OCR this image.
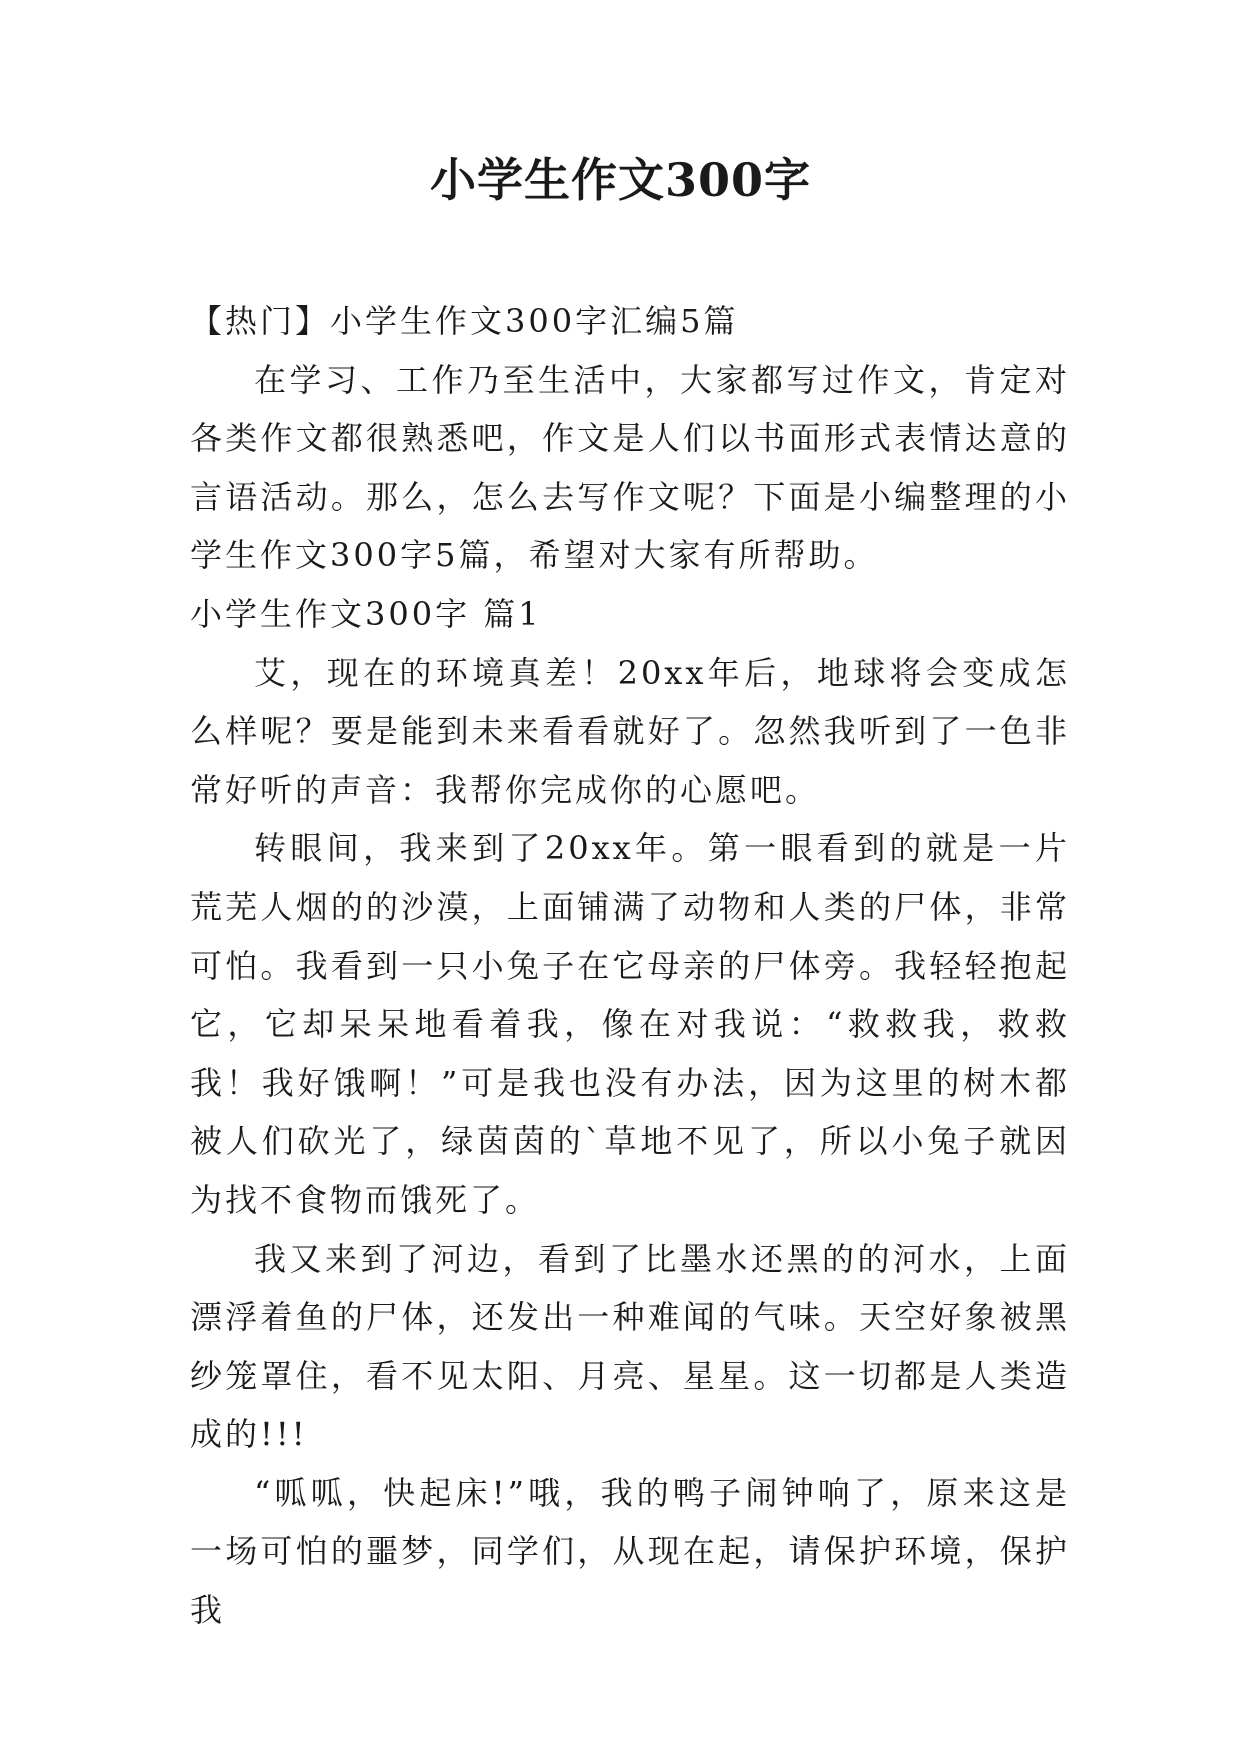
小学生作文300字

【热门】小学生作文300字汇编5篇

在学习、工作乃至生活中，大家都写过作文，肯定对各类作文都很熟悉吧，作文是人们以书面形式表情达意的言语活动。那么，怎么去写作文呢？下面是小编整理的小学生作文300字5篇，希望对大家有所帮助。

小学生作文300字 篇1

艾，现在的环境真差！20xx年后，地球将会变成怎么样呢？要是能到未来看看就好了。忽然我听到了一色非常好听的声音：我帮你完成你的心愿吧。

转眼间，我来到了20xx年。第一眼看到的就是一片荒芜人烟的的沙漠，上面铺满了动物和人类的尸体，非常可怕。我看到一只小兔子在它母亲的尸体旁。我轻轻抱起它，它却呆呆地看着我，像在对我说：“救救我，救救我！我好饿啊！”可是我也没有办法，因为这里的树木都被人们砍光了，绿茵茵的`草地不见了，所以小兔子就因为找不食物而饿死了。

我又来到了河边，看到了比墨水还黑的的河水，上面漂浮着鱼的尸体，还发出一种难闻的气味。天空好象被黑纱笼罩住，看不见太阳、月亮、星星。这一切都是人类造成的!!!

“呱呱，快起床!”哦，我的鸭子闹钟响了，原来这是一场可怕的噩梦，同学们，从现在起，请保护环境，保护我
